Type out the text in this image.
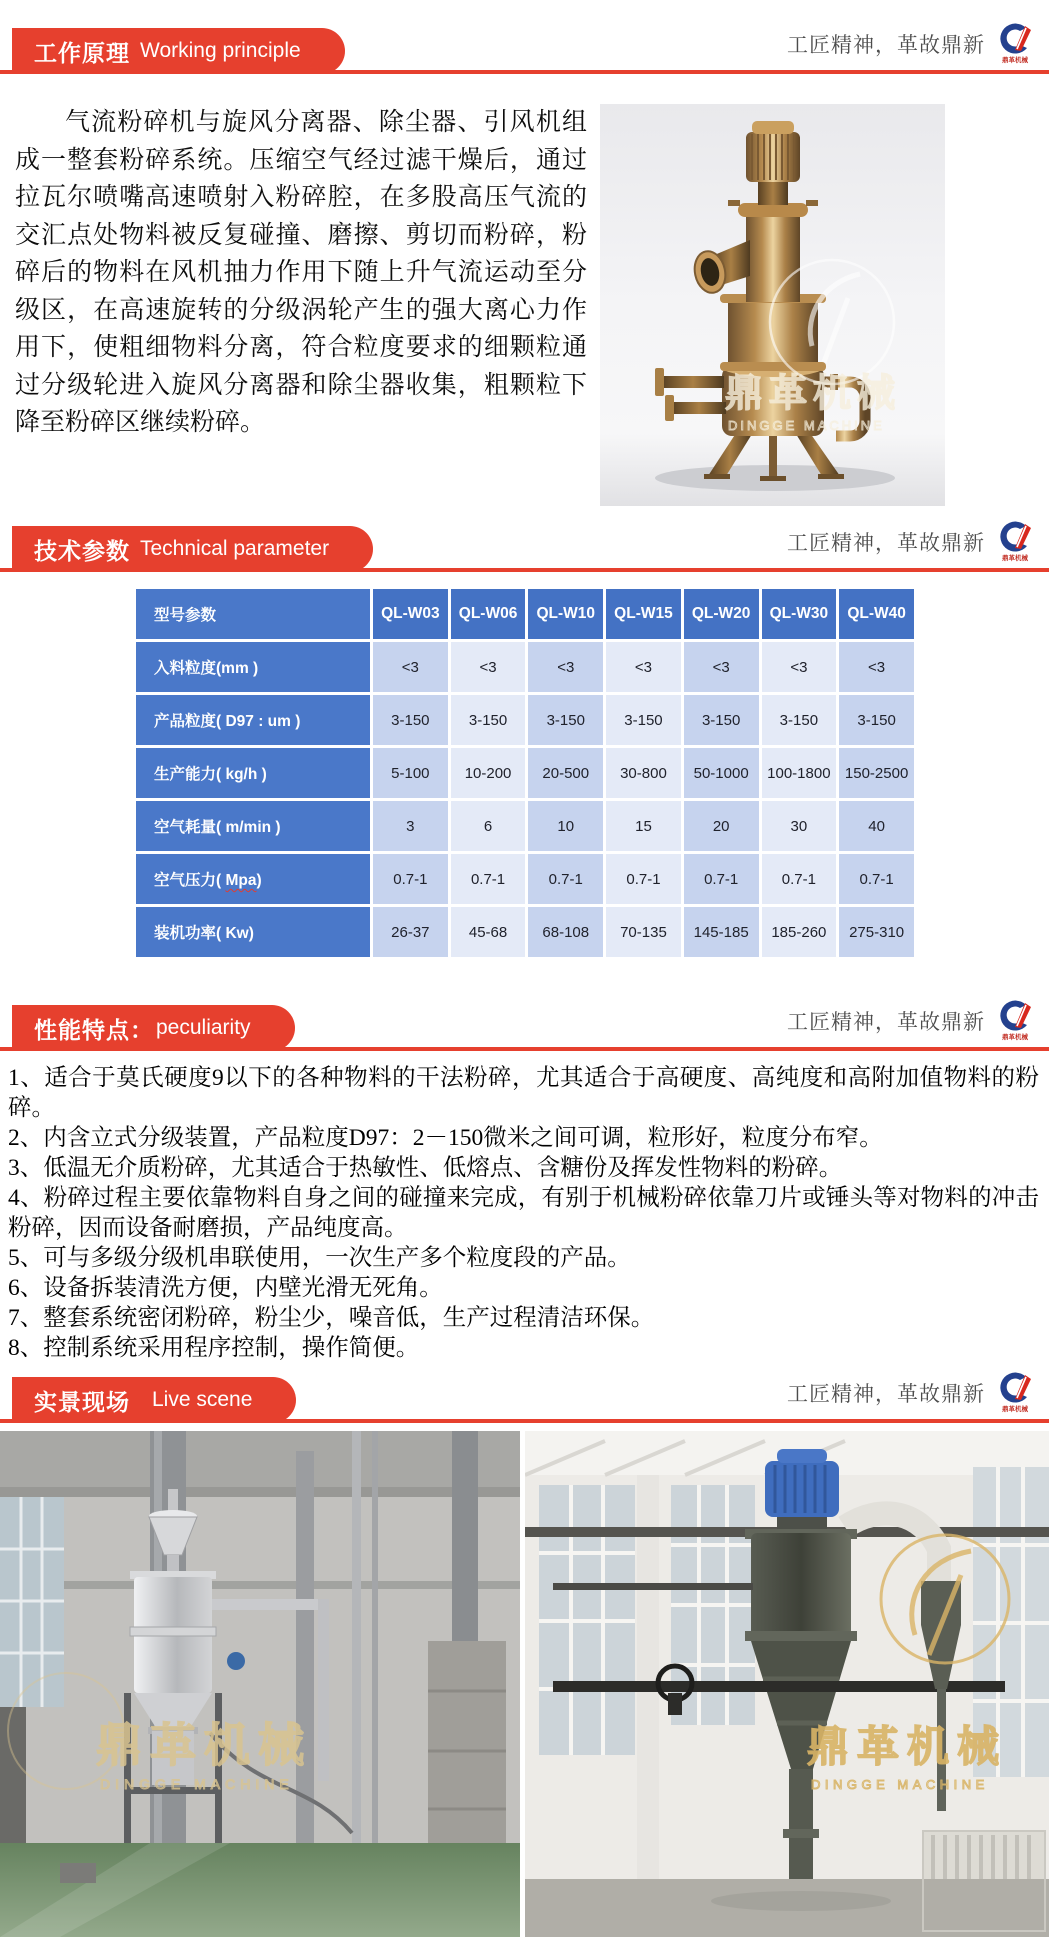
工作原理 Working principle	工匠精神，革故鼎新
鼎革机械

气流粉碎机与旋风分离器、除尘器、引风机组成一整套粉碎系统。压缩空气经过滤干燥后，通过拉瓦尔喷嘴高速喷射入粉碎腔，在多股高压气流的交汇点处物料被反复碰撞、磨擦、剪切而粉碎，粉碎后的物料在风机抽力作用下随上升气流运动至分级区，在高速旋转的分级涡轮产生的强大离心力作用下，使粗细物料分离，符合粒度要求的细颗粒通过分级轮进入旋风分离器和除尘器收集，粗颗粒下降至粉碎区继续粉碎。

鼎革机械
DINGGE MACHINE
技术参数 Technical parameter	工匠精神，革故鼎新
鼎革机械
型号参数	QL-W03	QL-W06	QL-W10	QL-W15	QL-W20	QL-W30	QL-W40
入料粒度(mm )	<3	<3	<3	<3	<3	<3	<3
产品粒度( D97 : um )	3-150	3-150	3-150	3-150	3-150	3-150	3-150
生产能力( kg/h )	5-100	10-200	20-500	30-800	50-1000	100-1800	150-2500
空气耗量( m/min )	3	6	10	15	20	30	40
空气压力( Mpa)	0.7-1	0.7-1	0.7-1	0.7-1	0.7-1	0.7-1	0.7-1
装机功率( Kw)	26-37	45-68	68-108	70-135	145-185	185-260	275-310
性能特点： peculiarity	工匠精神，革故鼎新
鼎革机械

1、适合于莫氏硬度9以下的各种物料的干法粉碎，尤其适合于高硬度、高纯度和高附加值物料的粉碎。

2、内含立式分级装置，产品粒度D97：2－150微米之间可调，粒形好，粒度分布窄。

3、低温无介质粉碎，尤其适合于热敏性、低熔点、含糖份及挥发性物料的粉碎。

4、粉碎过程主要依靠物料自身之间的碰撞来完成，有别于机械粉碎依靠刀片或锤头等对物料的冲击粉碎，因而设备耐磨损，产品纯度高。

5、可与多级分级机串联使用，一次生产多个粒度段的产品。

6、设备拆装清洗方便，内壁光滑无死角。

7、整套系统密闭粉碎，粉尘少，噪音低，生产过程清洁环保。

8、控制系统采用程序控制，操作简便。

实景现场 Live scene	工匠精神，革故鼎新
鼎革机械
鼎革机械
DINGGE MACHINE
鼎革机械
DINGGE MACHINE
